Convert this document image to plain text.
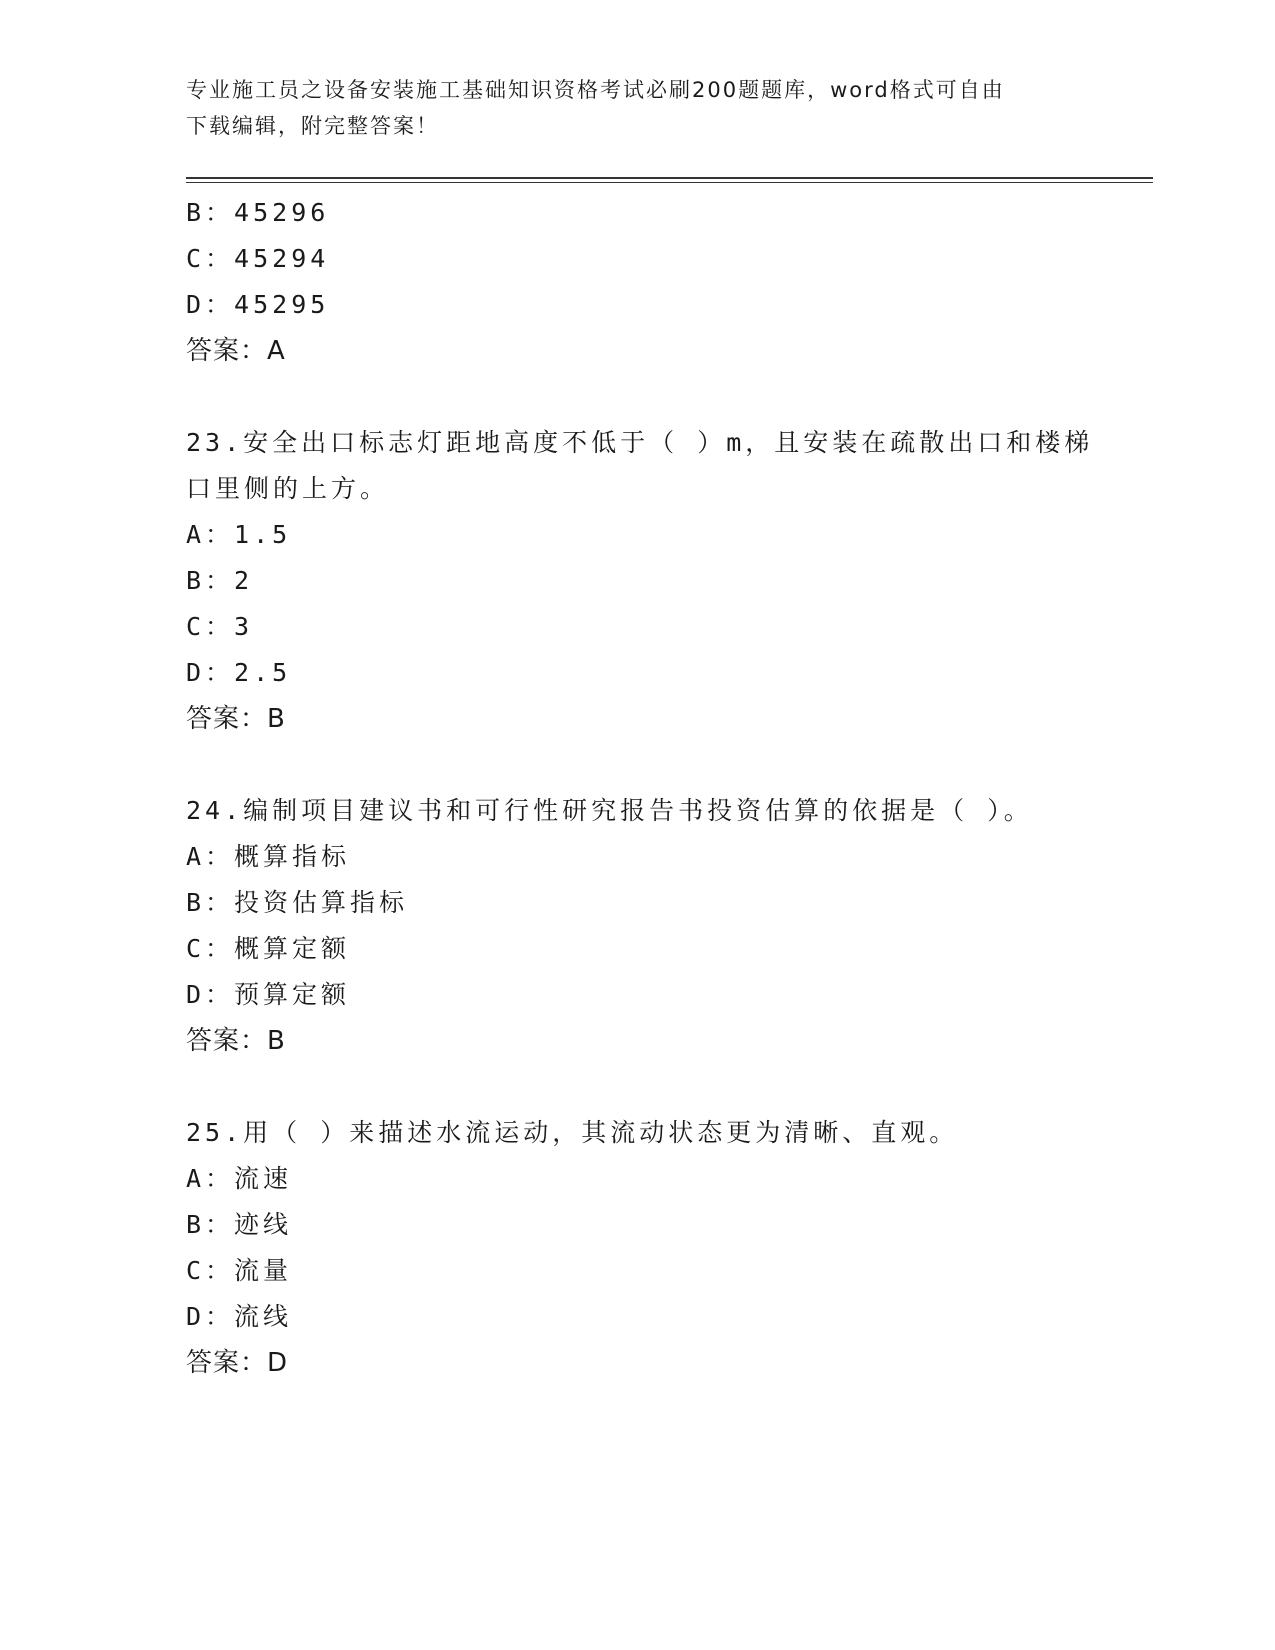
专业施工员之设备安装施工基础知识资格考试必刷200题题库，word格式可自由
下载编辑，附完整答案！
B：45296
C：45294
D：45295
答案：A
23.安全出口标志灯距地高度不低于（ ）m，且安装在疏散出口和楼梯
口里侧的上方。
A：1.5
B：2
C：3
D：2.5
答案：B
24.编制项目建议书和可行性研究报告书投资估算的依据是（ ）。
A：概算指标
B：投资估算指标
C：概算定额
D：预算定额
答案：B
25.用（ ）来描述水流运动，其流动状态更为清晰、直观。
A：流速
B：迹线
C：流量
D：流线
答案：D
